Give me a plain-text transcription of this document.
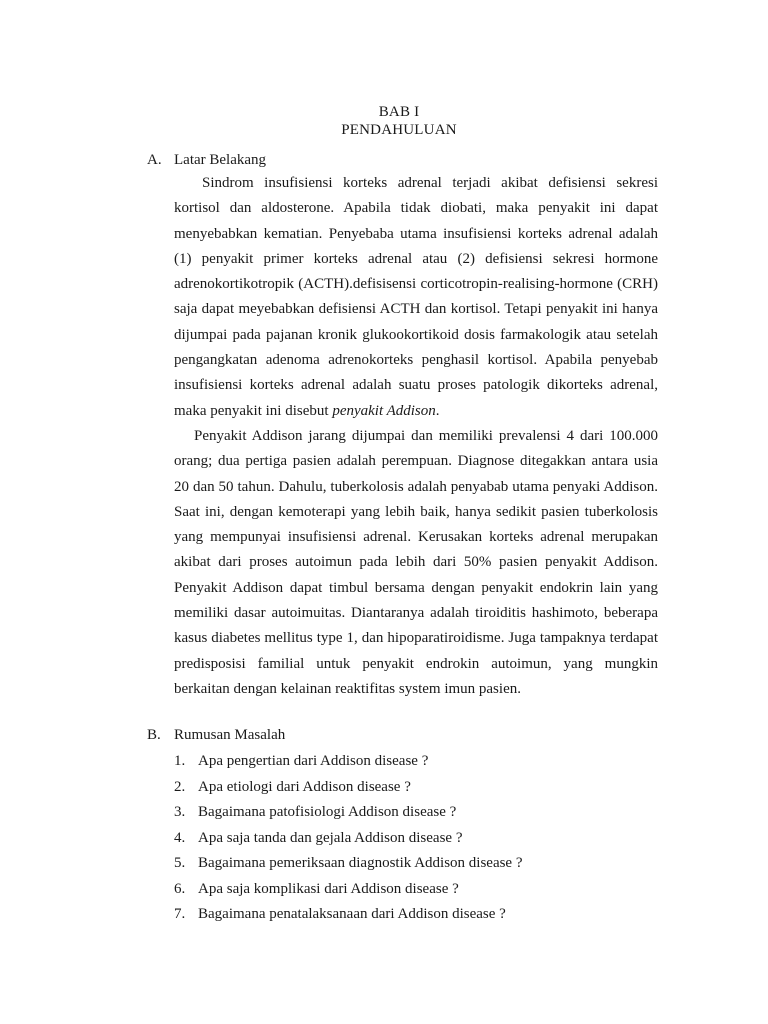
BAB I
PENDAHULUAN
A. Latar Belakang

Sindrom insufisiensi korteks adrenal terjadi akibat defisiensi sekresi kortisol dan aldosterone. Apabila tidak diobati, maka penyakit ini dapat menyebabkan kematian. Penyebaba utama insufisiensi korteks adrenal adalah (1) penyakit primer korteks adrenal atau (2) defisiensi sekresi hormone adrenokortikotropik (ACTH).defisisensi corticotropin-realising-hormone (CRH) saja dapat meyebabkan defisiensi ACTH dan kortisol. Tetapi penyakit ini hanya dijumpai pada pajanan kronik glukookortikoid dosis farmakologik atau setelah pengangkatan adenoma adrenokorteks penghasil kortisol. Apabila penyebab insufisiensi korteks adrenal adalah suatu proses patologik dikorteks adrenal, maka penyakit ini disebut penyakit Addison.

Penyakit Addison jarang dijumpai dan memiliki prevalensi 4 dari 100.000 orang; dua pertiga pasien adalah perempuan. Diagnose ditegakkan antara usia 20 dan 50 tahun. Dahulu, tuberkolosis adalah penyabab utama penyaki Addison. Saat ini, dengan kemoterapi yang lebih baik, hanya sedikit pasien tuberkolosis yang mempunyai insufisiensi adrenal. Kerusakan korteks adrenal merupakan akibat dari proses autoimun pada lebih dari 50% pasien penyakit Addison. Penyakit Addison dapat timbul bersama dengan penyakit endokrin lain yang memiliki dasar autoimuitas. Diantaranya adalah tiroiditis hashimoto, beberapa kasus diabetes mellitus type 1, dan hipoparatiroidisme. Juga tampaknya terdapat predisposisi familial untuk penyakit endrokin autoimun, yang mungkin berkaitan dengan kelainan reaktifitas system imun pasien.

B. Rumusan Masalah
1. Apa pengertian dari Addison disease ?
2. Apa etiologi dari Addison disease ?
3. Bagaimana patofisiologi Addison disease ?
4. Apa saja tanda dan gejala Addison disease ?
5. Bagaimana pemeriksaan diagnostik Addison disease ?
6. Apa saja komplikasi dari Addison disease ?
7. Bagaimana penatalaksanaan dari Addison disease ?
